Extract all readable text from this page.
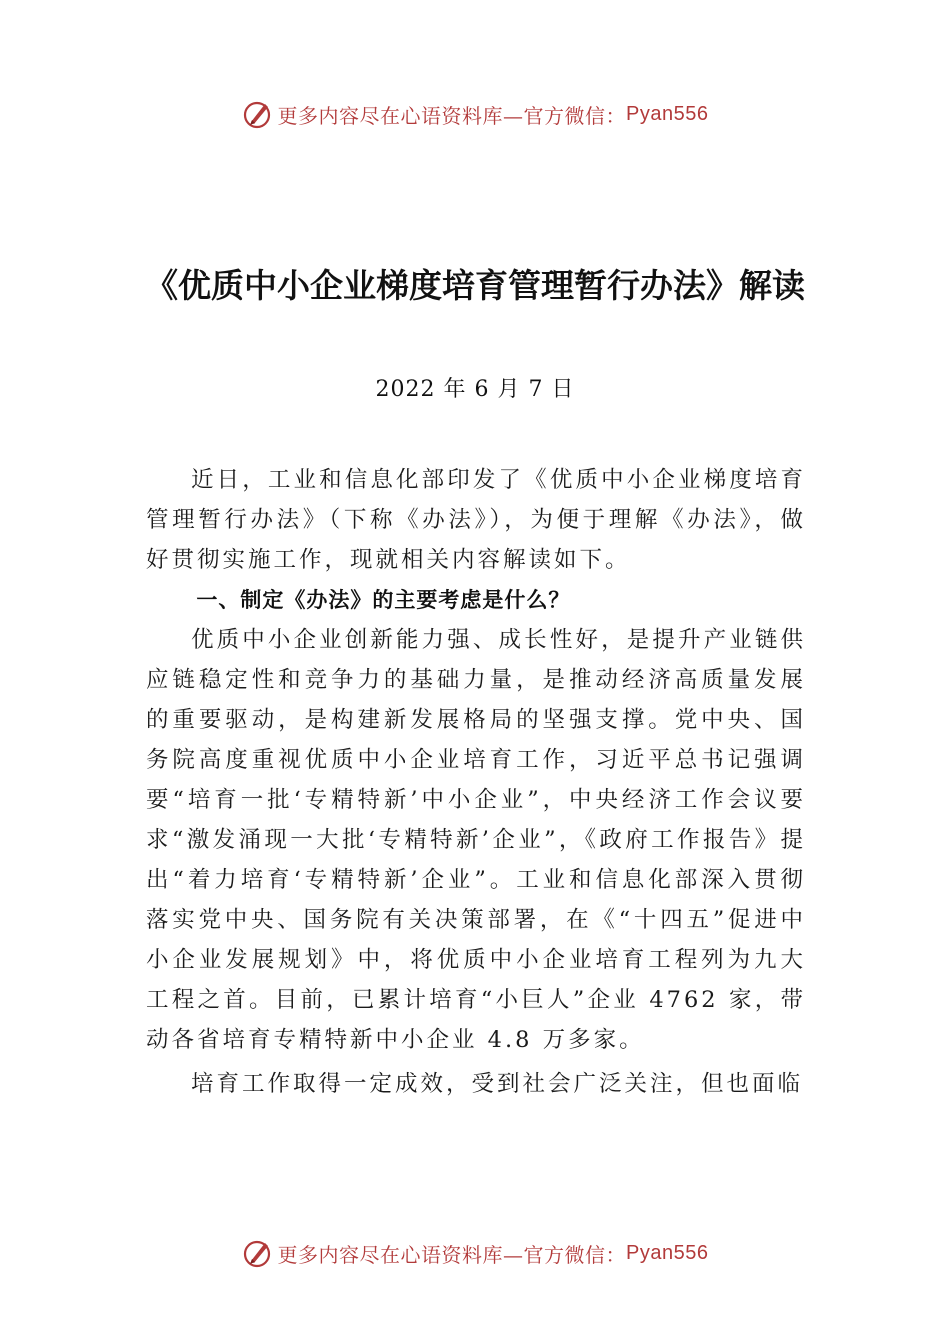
更多内容尽在心语资料库—官方微信： Pyan556
《优质中小企业梯度培育管理暂行办法》解读
2022 年 6 月 7 日

近日，工业和信息化部印发了《优质中小企业梯度培育管理暂行办法》（下称《办法》），为便于理解《办法》，做好贯彻实施工作，现就相关内容解读如下。

一、制定《办法》的主要考虑是什么？

优质中小企业创新能力强、成长性好，是提升产业链供应链稳定性和竞争力的基础力量，是推动经济高质量发展的重要驱动，是构建新发展格局的坚强支撑。党中央、国务院高度重视优质中小企业培育工作，习近平总书记强调要“培育一批‘专精特新’中小企业”，中央经济工作会议要求“激发涌现一大批‘专精特新’企业”，《政府工作报告》提出“着力培育‘专精特新’企业”。工业和信息化部深入贯彻落实党中央、国务院有关决策部署，在《“十四五”促进中小企业发展规划》中，将优质中小企业培育工程列为九大工程之首。目前，已累计培育“小巨人”企业 4762 家，带动各省培育专精特新中小企业 4.8 万多家。

培育工作取得一定成效，受到社会广泛关注，但也面临

更多内容尽在心语资料库—官方微信： Pyan556
